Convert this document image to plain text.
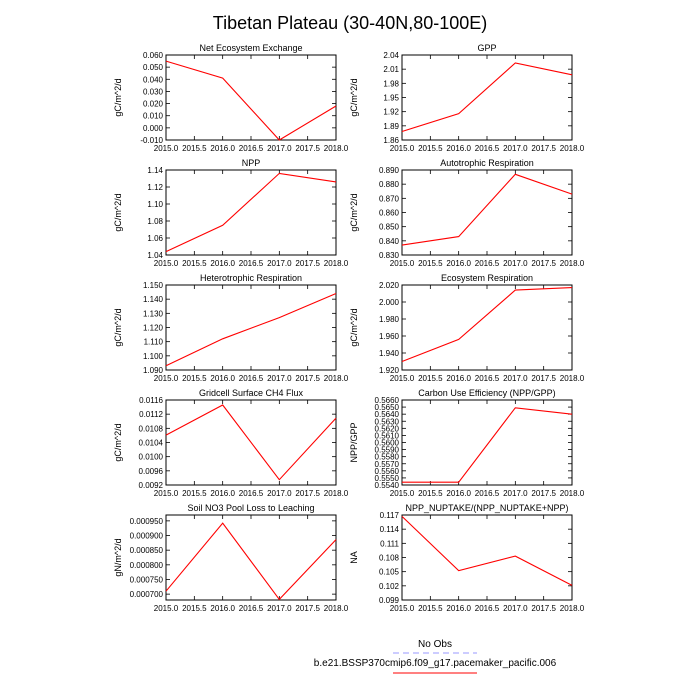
Tibetan Plateau (30-40N,80-100E)
Net Ecosystem Exchange
gC/m^2/d
2015.0 2015.5 2016.0 2016.5 2017.0 2017.5 2018.0
-0.010
0.000
0.010
0.020
0.030
0.040
0.050
0.060
GPP
gC/m^2/d
2015.0 2015.5 2016.0 2016.5 2017.0 2017.5 2018.0
1.86
1.89
1.92
1.95
1.98
2.01
2.04
NPP
gC/m^2/d
2015.0 2015.5 2016.0 2016.5 2017.0 2017.5 2018.0
1.04
1.06
1.08
1.10
1.12
1.14
Autotrophic Respiration
gC/m^2/d
2015.0 2015.5 2016.0 2016.5 2017.0 2017.5 2018.0
0.830
0.840
0.850
0.860
0.870
0.880
0.890
Heterotrophic Respiration
gC/m^2/d
2015.0 2015.5 2016.0 2016.5 2017.0 2017.5 2018.0
1.090
1.100
1.110
1.120
1.130
1.140
1.150
Ecosystem Respiration
gC/m^2/d
2015.0 2015.5 2016.0 2016.5 2017.0 2017.5 2018.0
1.920
1.940
1.960
1.980
2.000
2.020
Gridcell Surface CH4 Flux
gC/m^2/d
2015.0 2015.5 2016.0 2016.5 2017.0 2017.5 2018.0
0.0092
0.0096
0.0100
0.0104
0.0108
0.0112
0.0116
Carbon Use Efficiency (NPP/GPP)
NPP/GPP
2015.0 2015.5 2016.0 2016.5 2017.0 2017.5 2018.0
0.5540
0.5550
0.5560
0.5570
0.5580
0.5590
0.5600
0.5610
0.5620
0.5630
0.5640
0.5650
0.5660
Soil NO3 Pool Loss to Leaching
gN/m^2/d
2015.0 2015.5 2016.0 2016.5 2017.0 2017.5 2018.0
0.000700
0.000750
0.000800
0.000850
0.000900
0.000950
NPP_NUPTAKE/(NPP_NUPTAKE+NPP)
NA
2015.0 2015.5 2016.0 2016.5 2017.0 2017.5 2018.0
0.099
0.102
0.105
0.108
0.111
0.114
0.117
No Obs
b.e21.BSSP370cmip6.f09_g17.pacemaker_pacific.006
